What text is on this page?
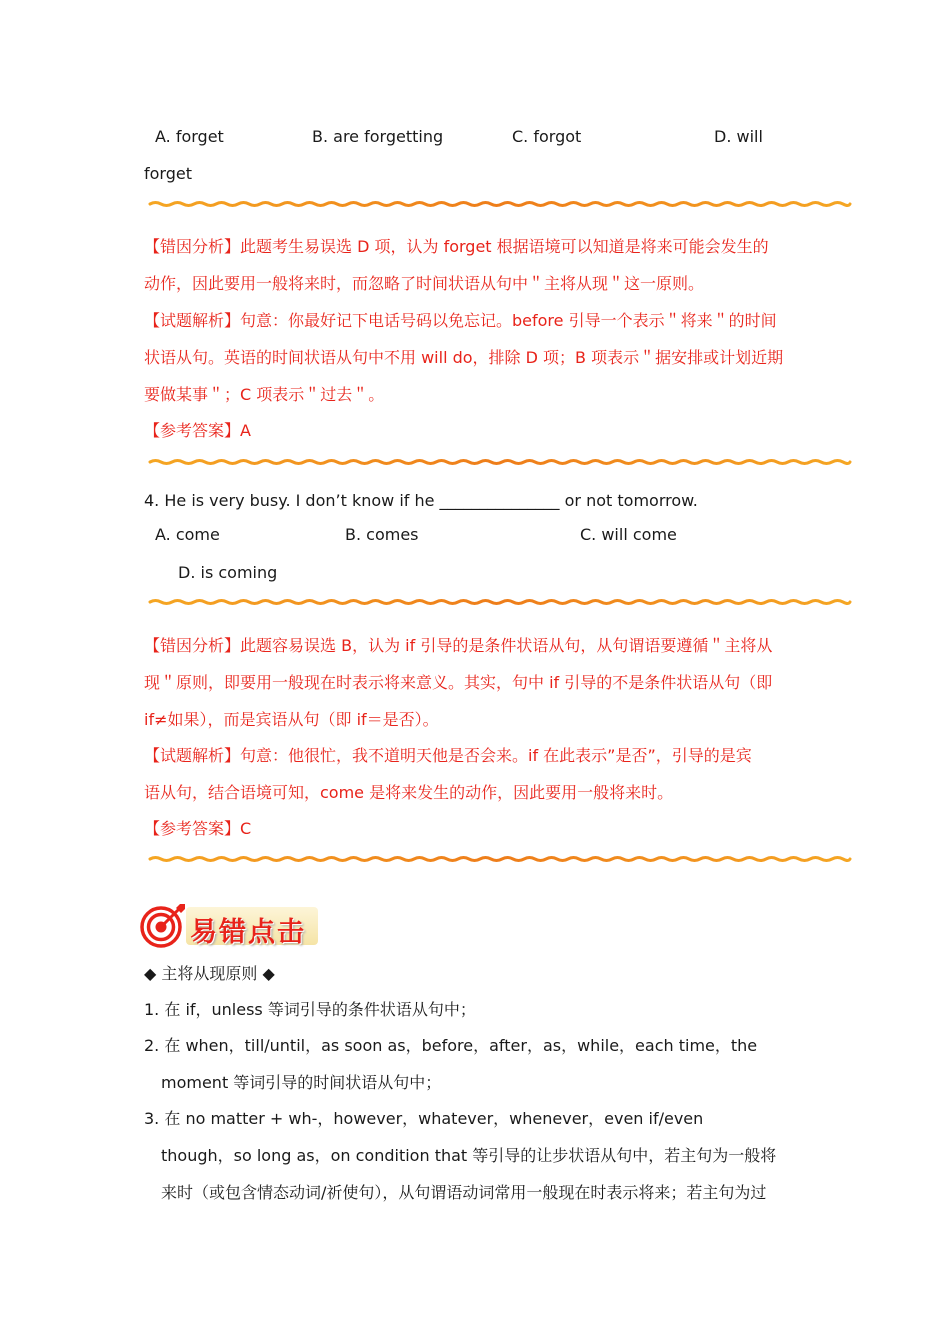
A. forget	B. are forgetting	C. forgot	D. will
forget
【错因分析】此题考生易误选 D 项，认为 forget 根据语境可以知道是将来可能会发生的
动作，因此要用一般将来时，而忽略了时间状语从句中＂主将从现＂这一原则。
【试题解析】句意：你最好记下电话号码以免忘记。before 引导一个表示＂将来＂的时间
状语从句。英语的时间状语从句中不用 will do，排除 D 项；B 项表示＂据安排或计划近期
要做某事＂；C 项表示＂过去＂。
【参考答案】A
4. He is very busy. I don’t know if he _______________ or not tomorrow.
A. come	B. comes	C. will come
D. is coming
【错因分析】此题容易误选 B，认为 if 引导的是条件状语从句，从句谓语要遵循＂主将从
现＂原则，即要用一般现在时表示将来意义。其实，句中 if 引导的不是条件状语从句（即
if≠如果），而是宾语从句（即 if＝是否）。
【试题解析】句意：他很忙，我不道明天他是否会来。if 在此表示”是否”，引导的是宾
语从句，结合语境可知，come 是将来发生的动作，因此要用一般将来时。
【参考答案】C
易错点击
◆ 主将从现原则 ◆
1. 在 if，unless 等词引导的条件状语从句中；
2. 在 when，till/until，as soon as，before，after，as，while，each time，the
moment 等词引导的时间状语从句中；
3. 在 no matter + wh-，however，whatever，whenever，even if/even
though，so long as，on condition that 等引导的让步状语从句中，若主句为一般将
来时（或包含情态动词/祈使句），从句谓语动词常用一般现在时表示将来；若主句为过
